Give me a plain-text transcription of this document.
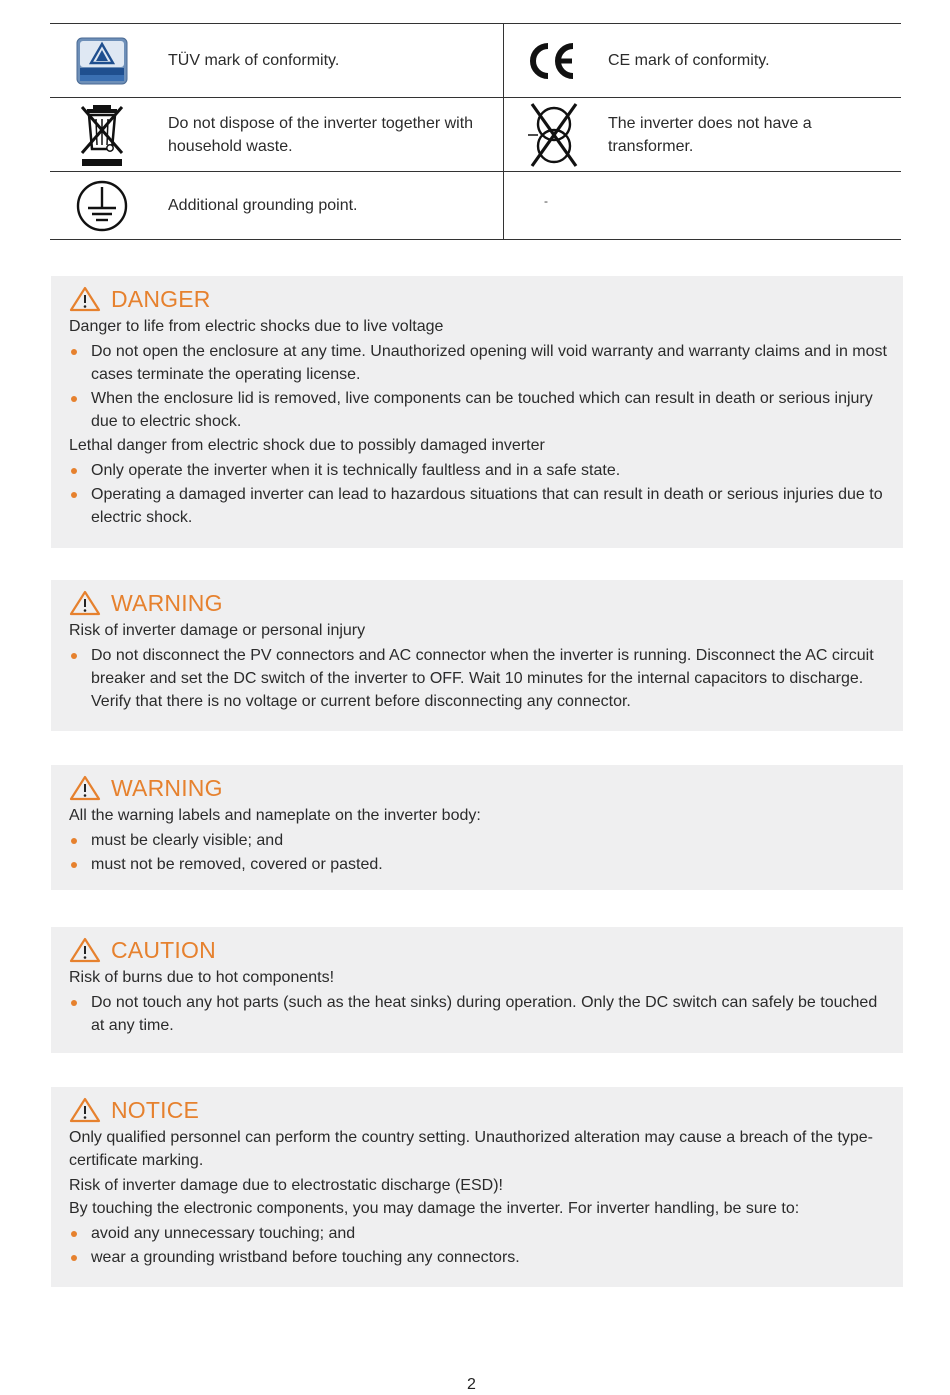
TÜV mark of conformity.	CE mark of conformity.
Do not dispose of the inverter together with household waste.
The inverter does not have a transformer.
Additional grounding point.	-
DANGER

Danger to life from electric shocks due to live voltage

Do not open the enclosure at any time. Unauthorized opening will void warranty and warranty claims and in most cases terminate the operating license.
When the enclosure lid is removed, live components can be touched which can result in death or serious injury due to electric shock.

Lethal danger from electric shock due to possibly damaged inverter

Only operate the inverter when it is technically faultless and in a safe state.
Operating a damaged inverter can lead to hazardous situations that can result in death or serious injuries due to electric shock.
WARNING

Risk of inverter damage or personal injury

Do not disconnect the PV connectors and AC connector when the inverter is running. Disconnect the AC circuit breaker and set the DC switch of the inverter to OFF. Wait 10 minutes for the internal capacitors to discharge. Verify that there is no voltage or current before disconnecting any connector.
WARNING

All the warning labels and nameplate on the inverter body:

must be clearly visible; and
must not be removed, covered or pasted.
CAUTION

Risk of burns due to hot components!

Do not touch any hot parts (such as the heat sinks) during operation. Only the DC switch can safely be touched at any time.
NOTICE

Only qualified personnel can perform the country setting. Unauthorized alteration may cause a breach of the type-certificate marking.

Risk of inverter damage due to electrostatic discharge (ESD)!

By touching the electronic components, you may damage the inverter. For inverter handling, be sure to:

avoid any unnecessary touching; and
wear a grounding wristband before touching any connectors.
2
